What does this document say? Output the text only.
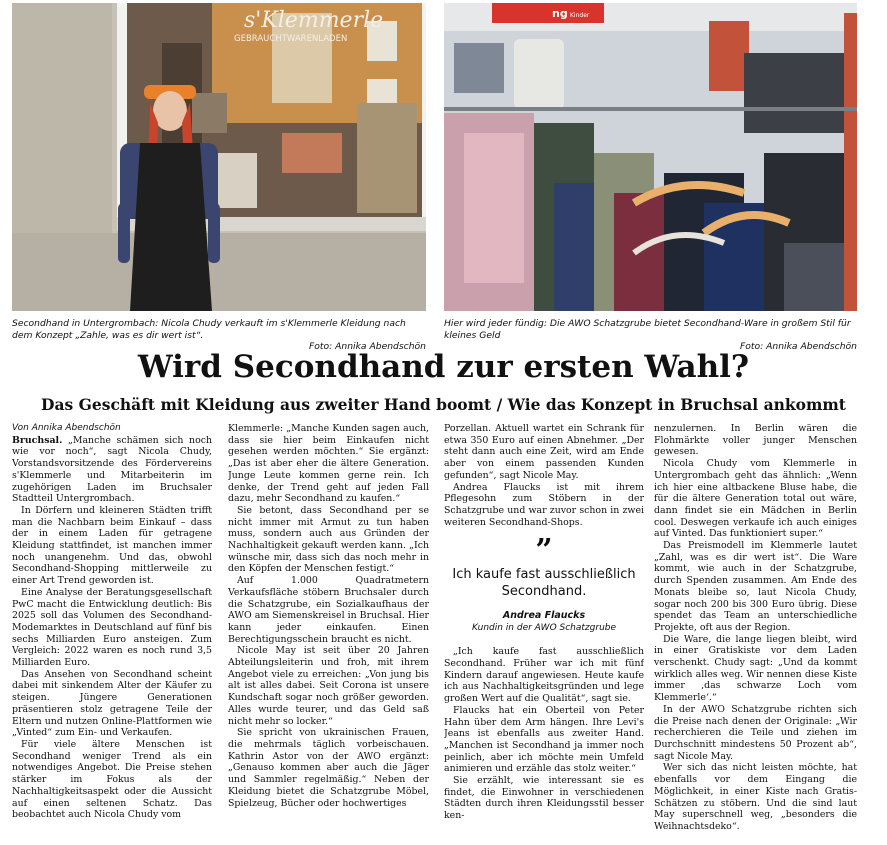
s'Klemmerle
GEBRAUCHTWARENLADEN
ng Kinder
Secondhand in Untergrombach: Nicola Chudy verkauft im s'Klemmerle Kleidung nach dem Konzept „Zahle, was es dir wert ist“.
Foto: Annika Abendschön
Hier wird jeder fündig: Die AWO Schatzgrube bietet Secondhand-Ware in großem Stil für kleines Geld
Foto: Annika Abendschön
Wird Secondhand zur ersten Wahl?
Das Geschäft mit Kleidung aus zweiter Hand boomt / Wie das Konzept in Bruchsal ankommt

Von Annika Abendschön

Bruchsal. „Manche schämen sich noch wie vor noch“, sagt Nicola Chudy, Vorstandsvorsitzende des Fördervereins s'Klemmerle und Mitarbeiterin im zugehörigen Laden im Bruchsaler Stadtteil Untergrombach.

In Dörfern und kleineren Städten trifft man die Nachbarn beim Einkauf – dass der in einem Laden für getragene Kleidung stattfindet, ist manchen immer noch unangenehm. Und das, obwohl Secondhand-Shopping mittlerweile zu einer Art Trend geworden ist.

Eine Analyse der Beratungsgesellschaft PwC macht die Entwicklung deutlich: Bis 2025 soll das Volumen des Secondhand-Modemarktes in Deutschland auf fünf bis sechs Milliarden Euro ansteigen. Zum Vergleich: 2022 waren es noch rund 3,5 Milliarden Euro.

Das Ansehen von Secondhand scheint dabei mit sinkendem Alter der Käufer zu steigen. Jüngere Generationen präsentieren stolz getragene Teile der Eltern und nutzen Online-Plattformen wie „Vinted“ zum Ein- und Verkaufen.

Für viele ältere Menschen ist Secondhand weniger Trend als ein notwendiges Angebot. Die Preise stehen stärker im Fokus als der Nachhaltigkeitsaspekt oder die Aussicht auf einen seltenen Schatz. Das beobachtet auch Nicola Chudy vom

Klemmerle: „Manche Kunden sagen auch, dass sie hier beim Einkaufen nicht gesehen werden möchten.“ Sie ergänzt: „Das ist aber eher die ältere Generation. Junge Leute kommen gerne rein. Ich denke, der Trend geht auf jeden Fall dazu, mehr Secondhand zu kaufen.“

Sie betont, dass Secondhand per se nicht immer mit Armut zu tun haben muss, sondern auch aus Gründen der Nachhaltigkeit gekauft werden kann. „Ich wünsche mir, dass sich das noch mehr in den Köpfen der Menschen festigt.“

Auf 1.000 Quadratmetern Verkaufsfläche stöbern Bruchsaler durch die Schatzgrube, ein Sozialkaufhaus der AWO am Siemenskreisel in Bruchsal. Hier kann jeder einkaufen. Einen Berechtigungsschein braucht es nicht.

Nicole May ist seit über 20 Jahren Abteilungsleiterin und froh, mit ihrem Angebot viele zu erreichen: „Von jung bis alt ist alles dabei. Seit Corona ist unsere Kundschaft sogar noch größer geworden. Alles wurde teurer, und das Geld saß nicht mehr so locker.“

Sie spricht von ukrainischen Frauen, die mehrmals täglich vorbeischauen. Kathrin Astor von der AWO ergänzt: „Genauso kommen aber auch die Jäger und Sammler regelmäßig.“ Neben der Kleidung bietet die Schatzgrube Möbel, Spielzeug, Bücher oder hochwertiges

Porzellan. Aktuell wartet ein Schrank für etwa 350 Euro auf einen Abnehmer. „Der steht dann auch eine Zeit, wird am Ende aber von einem passenden Kunden gefunden“, sagt Nicole May.

Andrea Flaucks ist mit ihrem Pflegesohn zum Stöbern in der Schatzgrube und war zuvor schon in zwei weiteren Secondhand-Shops.

”
Ich kaufe fast ausschließlich Secondhand.
Andrea Flaucks
Kundin in der AWO Schatzgrube

„Ich kaufe fast ausschließlich Secondhand. Früher war ich mit fünf Kindern darauf angewiesen. Heute kaufe ich aus Nachhaltigkeitsgründen und lege großen Wert auf die Qualität“, sagt sie.

Flaucks hat ein Oberteil von Peter Hahn über dem Arm hängen. Ihre Levi's Jeans ist ebenfalls aus zweiter Hand. „Manchen ist Secondhand ja immer noch peinlich, aber ich möchte mein Umfeld animieren und erzähle das stolz weiter.“

Sie erzählt, wie interessant sie es findet, die Einwohner in verschiedenen Städten durch ihren Kleidungsstil besser ken-

nenzulernen. In Berlin wären die Flohmärkte voller junger Menschen gewesen.

Nicola Chudy vom Klemmerle in Untergrombach geht das ähnlich: „Wenn ich hier eine altbackene Bluse habe, die für die ältere Generation total out wäre, dann findet sie ein Mädchen in Berlin cool. Deswegen verkaufe ich auch einiges auf Vinted. Das funktioniert super.“

Das Preismodell im Klemmerle lautet „Zahl, was es dir wert ist“. Die Ware kommt, wie auch in der Schatzgrube, durch Spenden zusammen. Am Ende des Monats bleibe so, laut Nicola Chudy, sogar noch 200 bis 300 Euro übrig. Diese spendet das Team an unterschiedliche Projekte, oft aus der Region.

Die Ware, die lange liegen bleibt, wird in einer Gratiskiste vor dem Laden verschenkt. Chudy sagt: „Und da kommt wirklich alles weg. Wir nennen diese Kiste immer ‚das schwarze Loch vom Klemmerle‘.“

In der AWO Schatzgrube richten sich die Preise nach denen der Originale: „Wir recherchieren die Teile und ziehen im Durchschnitt mindestens 50 Prozent ab“, sagt Nicole May.

Wer sich das nicht leisten möchte, hat ebenfalls vor dem Eingang die Möglichkeit, in einer Kiste nach Gratis-Schätzen zu stöbern. Und die sind laut May superschnell weg, „besonders die Weihnachtsdeko“.
